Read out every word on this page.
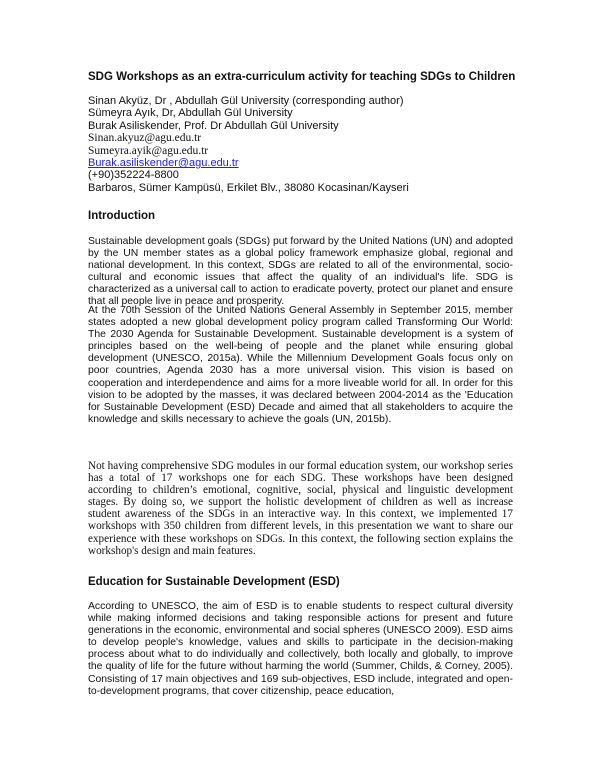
SDG Workshops as an extra-curriculum activity for teaching SDGs to Children
Sinan Akyüz, Dr , Abdullah Gül University (corresponding author)
Sümeyra Ayık, Dr, Abdullah Gül University
Burak Asiliskender, Prof. Dr Abdullah Gül University
Sinan.akyuz@agu.edu.tr
Sumeyra.ayik@agu.edu.tr
Burak.asiliskender@agu.edu.tr
(+90)352224-8800
Barbaros, Sümer Kampüsü, Erkilet Blv., 38080 Kocasinan/Kayseri
Introduction

Sustainable development goals (SDGs) put forward by the United Nations (UN) and adopted by the UN member states as a global policy framework emphasize global, regional and national development. In this context, SDGs are related to all of the environmental, socio-cultural and economic issues that affect the quality of an individual's life. SDG is characterized as a universal call to action to eradicate poverty, protect our planet and ensure that all people live in peace and prosperity.

At the 70th Session of the United Nations General Assembly in September 2015, member states adopted a new global development policy program called Transforming Our World: The 2030 Agenda for Sustainable Development. Sustainable development is a system of principles based on the well-being of people and the planet while ensuring global development (UNESCO, 2015a). While the Millennium Development Goals focus only on poor countries, Agenda 2030 has a more universal vision. This vision is based on cooperation and interdependence and aims for a more liveable world for all. In order for this vision to be adopted by the masses, it was declared between 2004-2014 as the 'Education for Sustainable Development (ESD) Decade and aimed that all stakeholders to acquire the knowledge and skills necessary to achieve the goals (UN, 2015b).

Not having comprehensive SDG modules in our formal education system, our workshop series has a total of 17 workshops one for each SDG. These workshops have been designed according to children’s emotional, cognitive, social, physical and linguistic development stages. By doing so, we support the holistic development of children as well as increase student awareness of the SDGs in an interactive way. In this context, we implemented 17 workshops with 350 children from different levels, in this presentation we want to share our experience with these workshops on SDGs. In this context, the following section explains the workshop's design and main features.

Education for Sustainable Development (ESD)

According to UNESCO, the aim of ESD is to enable students to respect cultural diversity while making informed decisions and taking responsible actions for present and future generations in the economic, environmental and social spheres (UNESCO 2009). ESD aims to develop people's knowledge, values and skills to participate in the decision-making process about what to do individually and collectively, both locally and globally, to improve the quality of life for the future without harming the world (Summer, Childs, & Corney, 2005). Consisting of 17 main objectives and 169 sub-objectives, ESD include, integrated and open-to-development programs, that cover citizenship, peace education,
